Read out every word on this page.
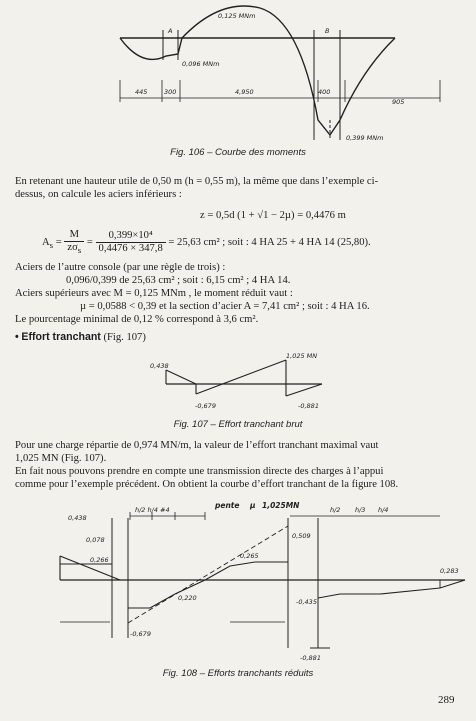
0,125 MNm
A	B
0,096 MNm
445	300	4,950	400
905
0,399 MNm
Fig. 106 – Courbe des moments
En retenant une hauteur utile de 0,50 m (h = 0,55 m), la même que dans l’exemple ci-
dessus, on calcule les aciers inférieurs :
z = 0,5d (1 + √1 − 2µ) = 0,4476 m
$A_s = \frac{M}{z\sigma_s} = \frac{\text{0,399×10⁴}}{0,4476 \times 347,8} = 25,63$ cm² ; soit : 4 HA 25 + 4 HA 14 (25,80).
Aciers de l’autre console (par une règle de trois) :
0,096/0,399 de 25,63 cm² ; soit : 6,15 cm² ; 4 HA 14.
Aciers supérieurs avec M = 0,125 MNm , le moment réduit vaut :
µ = 0,0588 < 0,39 et la section d’acier A = 7,41 cm² ; soit : 4 HA 16.
Le pourcentage minimal de 0,12 % correspond à 3,6 cm².
• Effort tranchant (Fig. 107)
1,025 MN
0,438
-0,679	-0,881
Fig. 107 – Effort tranchant brut
Pour une charge répartie de 0,974 MN/m, la valeur de l’effort tranchant maximal vaut
1,025 MN (Fig. 107).
En fait nous pouvons prendre en compte une transmission directe des charges à l’appui
comme pour l’exemple précédent. On obtient la courbe d’effort tranchant de la figure 108.
pente µ 1,025MN
0,438
h/2 h/4 #4
0,078
0,266	0,265
0,509
h/2 h/3 h/4
0,220	-0,435
0,283
-0,679
-0,881
Fig. 108 – Efforts tranchants réduits
289
